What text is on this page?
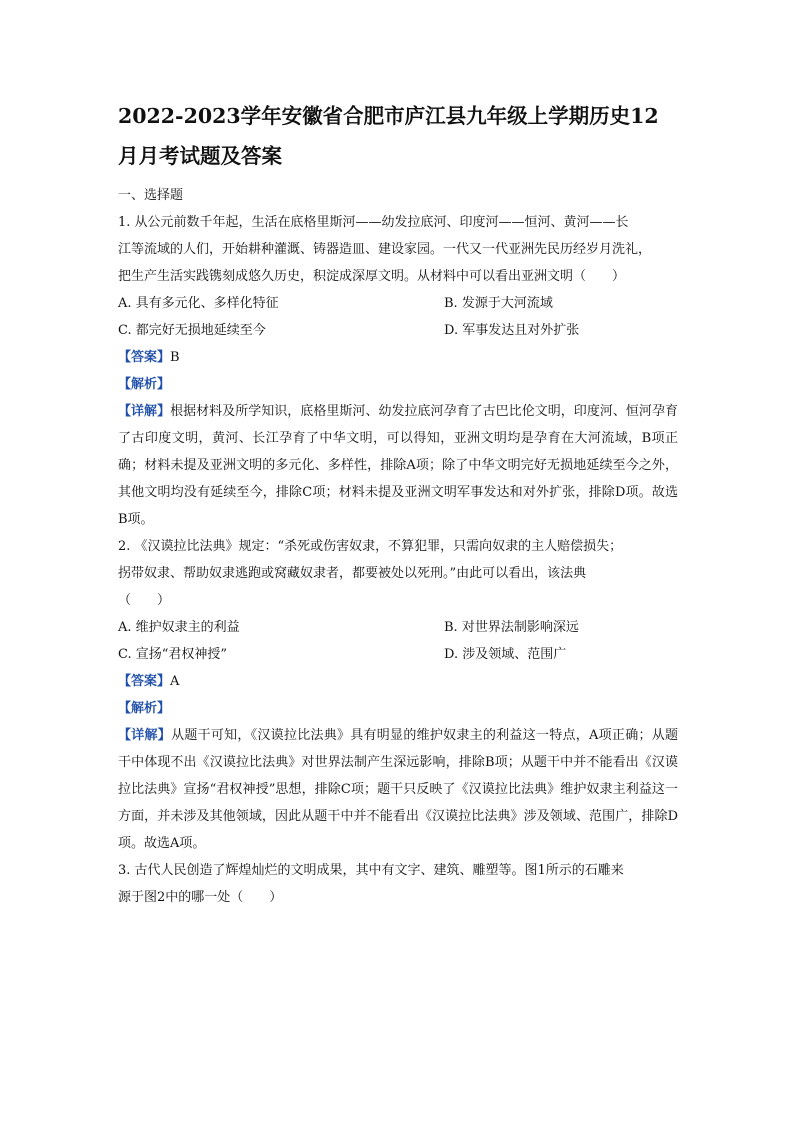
2022-2023学年安徽省合肥市庐江县九年级上学期历史12
月月考试题及答案
一、选择题
1. 从公元前数千年起，生活在底格里斯河——幼发拉底河、印度河——恒河、黄河——长
江等流域的人们，开始耕种灌溉、铸器造皿、建设家园。一代又一代亚洲先民历经岁月洗礼，
把生产生活实践镌刻成悠久历史，积淀成深厚文明。从材料中可以看出亚洲文明（　　）
A. 具有多元化、多样化特征	B. 发源于大河流域
C. 都完好无损地延续至今	D. 军事发达且对外扩张
【答案】B
【解析】

【详解】根据材料及所学知识，底格里斯河、幼发拉底河孕育了古巴比伦文明，印度河、恒河孕育了古印度文明，黄河、长江孕育了中华文明，可以得知，亚洲文明均是孕育在大河流域，B项正确；材料未提及亚洲文明的多元化、多样性，排除A项；除了中华文明完好无损地延续至今之外，其他文明均没有延续至今，排除C项；材料未提及亚洲文明军事发达和对外扩张，排除D项。故选B项。

2. 《汉谟拉比法典》规定：“杀死或伤害奴隶，不算犯罪，只需向奴隶的主人赔偿损失；
拐带奴隶、帮助奴隶逃跑或窝藏奴隶者，都要被处以死刑。”由此可以看出，该法典
（　　）
A. 维护奴隶主的利益	B. 对世界法制影响深远
C. 宣扬“君权神授”	D. 涉及领域、范围广
【答案】A
【解析】

【详解】从题干可知，《汉谟拉比法典》具有明显的维护奴隶主的利益这一特点，A项正确；从题干中体现不出《汉谟拉比法典》对世界法制产生深远影响，排除B项；从题干中并不能看出《汉谟拉比法典》宣扬“君权神授”思想，排除C项；题干只反映了《汉谟拉比法典》维护奴隶主利益这一方面，并未涉及其他领域，因此从题干中并不能看出《汉谟拉比法典》涉及领域、范围广，排除D项。故选A项。

3. 古代人民创造了辉煌灿烂的文明成果，其中有文字、建筑、雕塑等。图1所示的石雕来
源于图2中的哪一处（　　）
